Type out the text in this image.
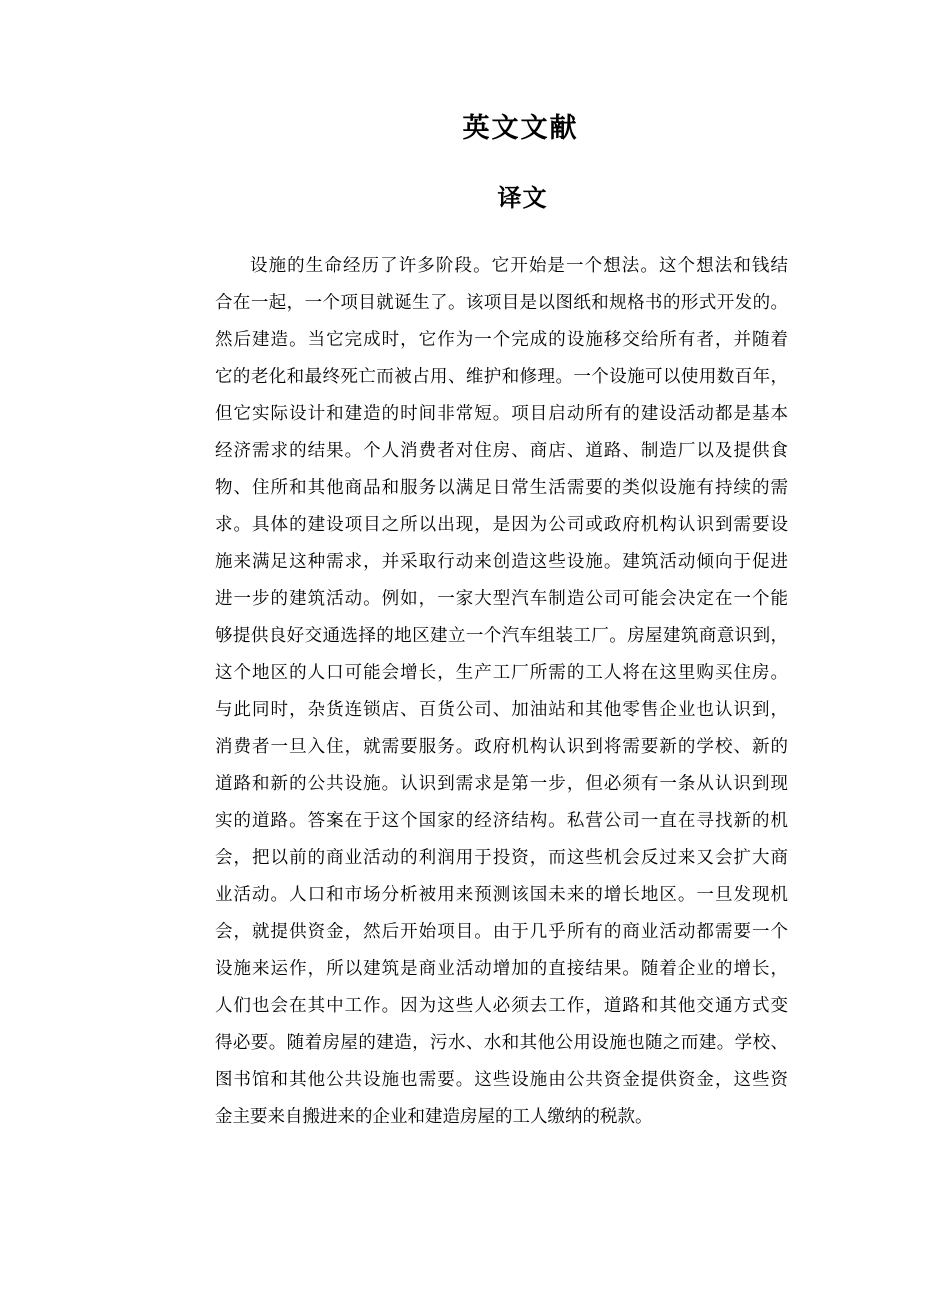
英文文献
译文
设施的生命经历了许多阶段。它开始是一个想法。这个想法和钱结
合在一起，一个项目就诞生了。该项目是以图纸和规格书的形式开发的。
然后建造。当它完成时，它作为一个完成的设施移交给所有者，并随着
它的老化和最终死亡而被占用、维护和修理。一个设施可以使用数百年，
但它实际设计和建造的时间非常短。项目启动所有的建设活动都是基本
经济需求的结果。个人消费者对住房、商店、道路、制造厂以及提供食
物、住所和其他商品和服务以满足日常生活需要的类似设施有持续的需
求。具体的建设项目之所以出现，是因为公司或政府机构认识到需要设
施来满足这种需求，并采取行动来创造这些设施。建筑活动倾向于促进
进一步的建筑活动。例如，一家大型汽车制造公司可能会决定在一个能
够提供良好交通选择的地区建立一个汽车组装工厂。房屋建筑商意识到，
这个地区的人口可能会增长，生产工厂所需的工人将在这里购买住房。
与此同时，杂货连锁店、百货公司、加油站和其他零售企业也认识到，
消费者一旦入住，就需要服务。政府机构认识到将需要新的学校、新的
道路和新的公共设施。认识到需求是第一步，但必须有一条从认识到现
实的道路。答案在于这个国家的经济结构。私营公司一直在寻找新的机
会，把以前的商业活动的利润用于投资，而这些机会反过来又会扩大商
业活动。人口和市场分析被用来预测该国未来的增长地区。一旦发现机
会，就提供资金，然后开始项目。由于几乎所有的商业活动都需要一个
设施来运作，所以建筑是商业活动增加的直接结果。随着企业的增长，
人们也会在其中工作。因为这些人必须去工作，道路和其他交通方式变
得必要。随着房屋的建造，污水、水和其他公用设施也随之而建。学校、
图书馆和其他公共设施也需要。这些设施由公共资金提供资金，这些资
金主要来自搬进来的企业和建造房屋的工人缴纳的税款。
